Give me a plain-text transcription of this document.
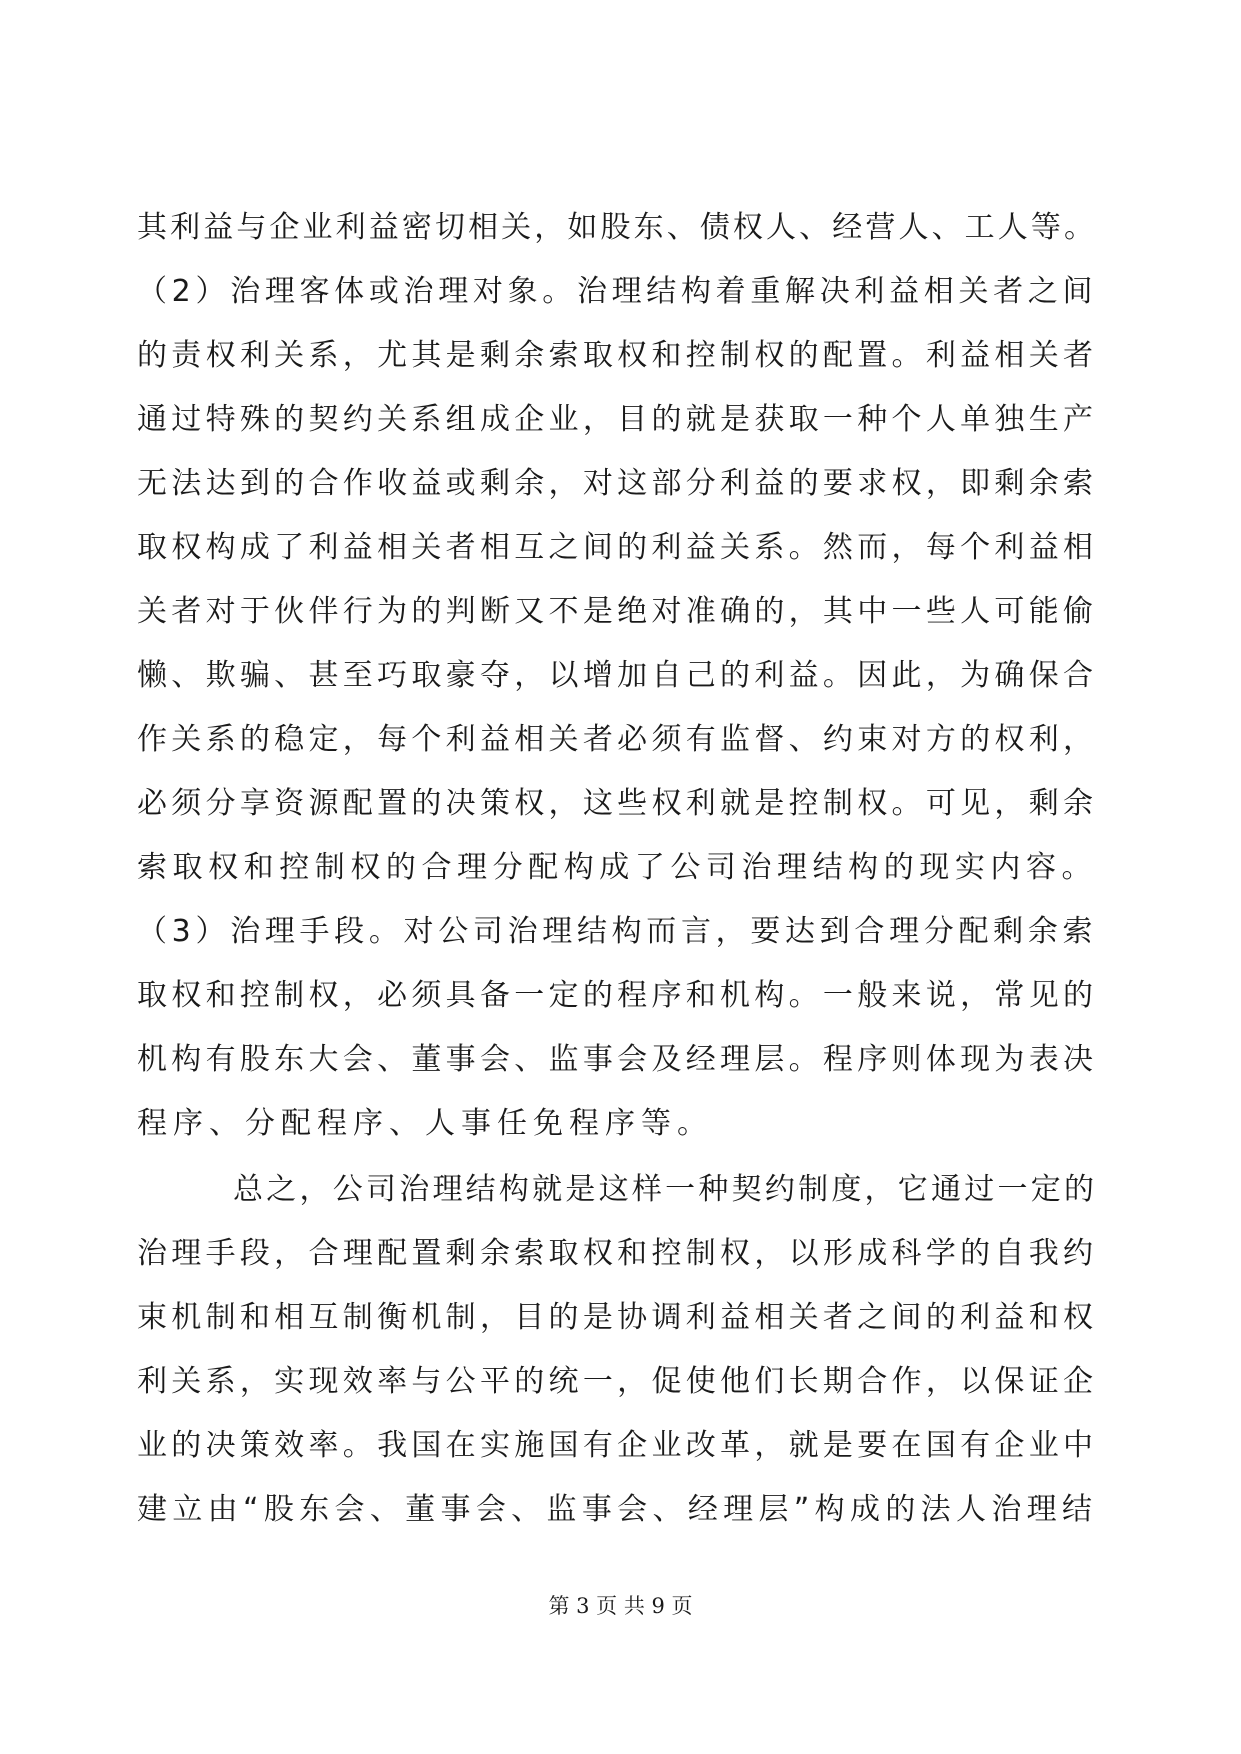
其利益与企业利益密切相关，如股东、债权人、经营人、工人等。
（2）治理客体或治理对象。治理结构着重解决利益相关者之间
的责权利关系，尤其是剩余索取权和控制权的配置。利益相关者
通过特殊的契约关系组成企业，目的就是获取一种个人单独生产
无法达到的合作收益或剩余，对这部分利益的要求权，即剩余索
取权构成了利益相关者相互之间的利益关系。然而，每个利益相
关者对于伙伴行为的判断又不是绝对准确的，其中一些人可能偷
懒、欺骗、甚至巧取豪夺，以增加自己的利益。因此，为确保合
作关系的稳定，每个利益相关者必须有监督、约束对方的权利，
必须分享资源配置的决策权，这些权利就是控制权。可见，剩余
索取权和控制权的合理分配构成了公司治理结构的现实内容。
（3）治理手段。对公司治理结构而言，要达到合理分配剩余索
取权和控制权，必须具备一定的程序和机构。一般来说，常见的
机构有股东大会、董事会、监事会及经理层。程序则体现为表决
程序、分配程序、人事任免程序等。
总之，公司治理结构就是这样一种契约制度，它通过一定的
治理手段，合理配置剩余索取权和控制权，以形成科学的自我约
束机制和相互制衡机制，目的是协调利益相关者之间的利益和权
利关系，实现效率与公平的统一，促使他们长期合作，以保证企
业的决策效率。我国在实施国有企业改革，就是要在国有企业中
建立由“股东会、董事会、监事会、经理层”构成的法人治理结
第 3 页 共 9 页
